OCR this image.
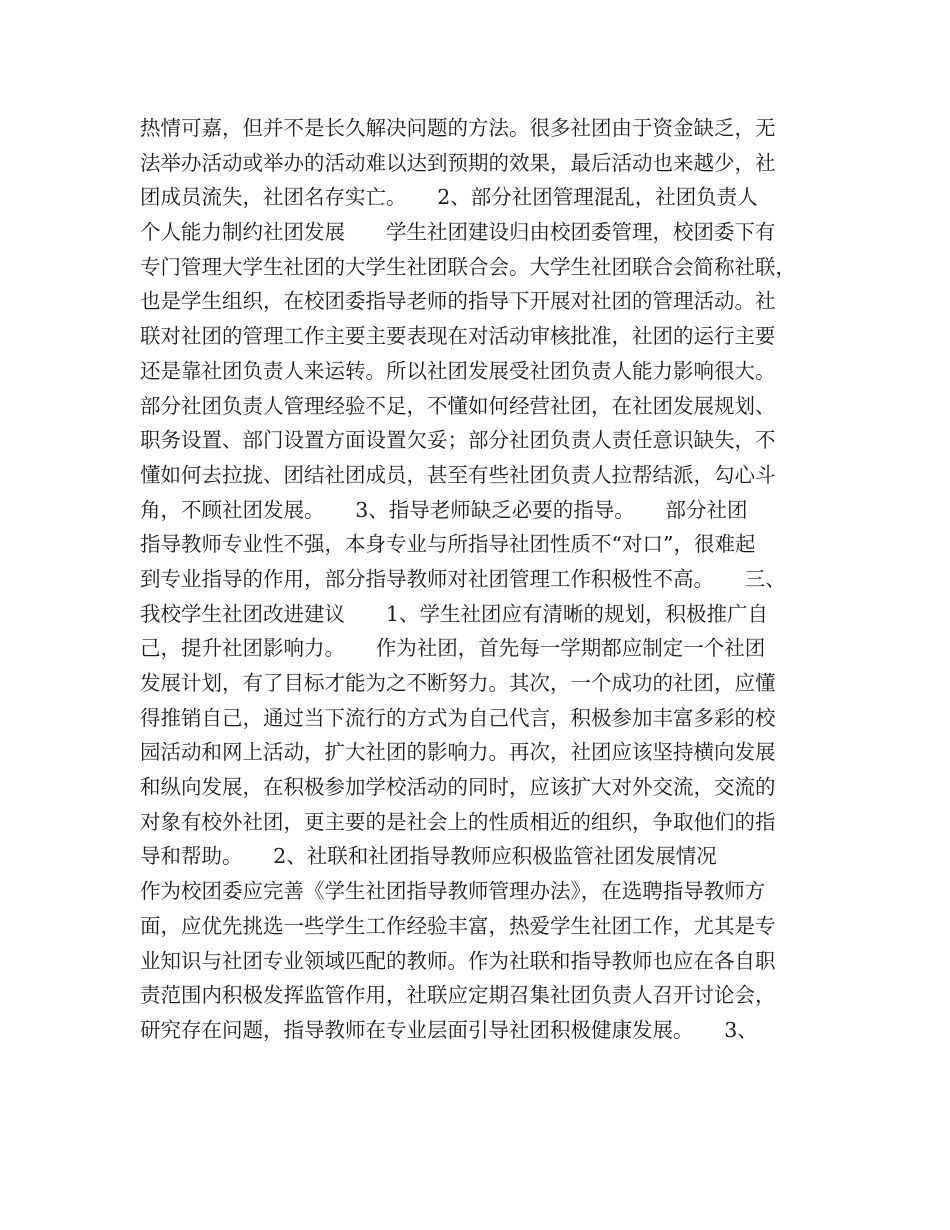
热情可嘉，但并不是长久解决问题的方法。很多社团由于资金缺乏，无
法举办活动或举办的活动难以达到预期的效果，最后活动也来越少，社
团成员流失，社团名存实亡。　　2、部分社团管理混乱，社团负责人
个人能力制约社团发展　　学生社团建设归由校团委管理，校团委下有
专门管理大学生社团的大学生社团联合会。大学生社团联合会简称社联，
也是学生组织，在校团委指导老师的指导下开展对社团的管理活动。社
联对社团的管理工作主要主要表现在对活动审核批准，社团的运行主要
还是靠社团负责人来运转。所以社团发展受社团负责人能力影响很大。
部分社团负责人管理经验不足，不懂如何经营社团，在社团发展规划、
职务设置、部门设置方面设置欠妥；部分社团负责人责任意识缺失，不
懂如何去拉拢、团结社团成员，甚至有些社团负责人拉帮结派，勾心斗
角，不顾社团发展。　　3、指导老师缺乏必要的指导。　　部分社团
指导教师专业性不强，本身专业与所指导社团性质不“对口”，很难起
到专业指导的作用，部分指导教师对社团管理工作积极性不高。　　三、
我校学生社团改进建议　　1、学生社团应有清晰的规划，积极推广自
己，提升社团影响力。　　作为社团，首先每一学期都应制定一个社团
发展计划，有了目标才能为之不断努力。其次，一个成功的社团，应懂
得推销自己，通过当下流行的方式为自己代言，积极参加丰富多彩的校
园活动和网上活动，扩大社团的影响力。再次，社团应该坚持横向发展
和纵向发展，在积极参加学校活动的同时，应该扩大对外交流，交流的
对象有校外社团，更主要的是社会上的性质相近的组织，争取他们的指
导和帮助。　　2、社联和社团指导教师应积极监管社团发展情况　　
作为校团委应完善《学生社团指导教师管理办法》，在选聘指导教师方
面，应优先挑选一些学生工作经验丰富，热爱学生社团工作，尤其是专
业知识与社团专业领域匹配的教师。作为社联和指导教师也应在各自职
责范围内积极发挥监管作用，社联应定期召集社团负责人召开讨论会，
研究存在问题，指导教师在专业层面引导社团积极健康发展。　　3、
